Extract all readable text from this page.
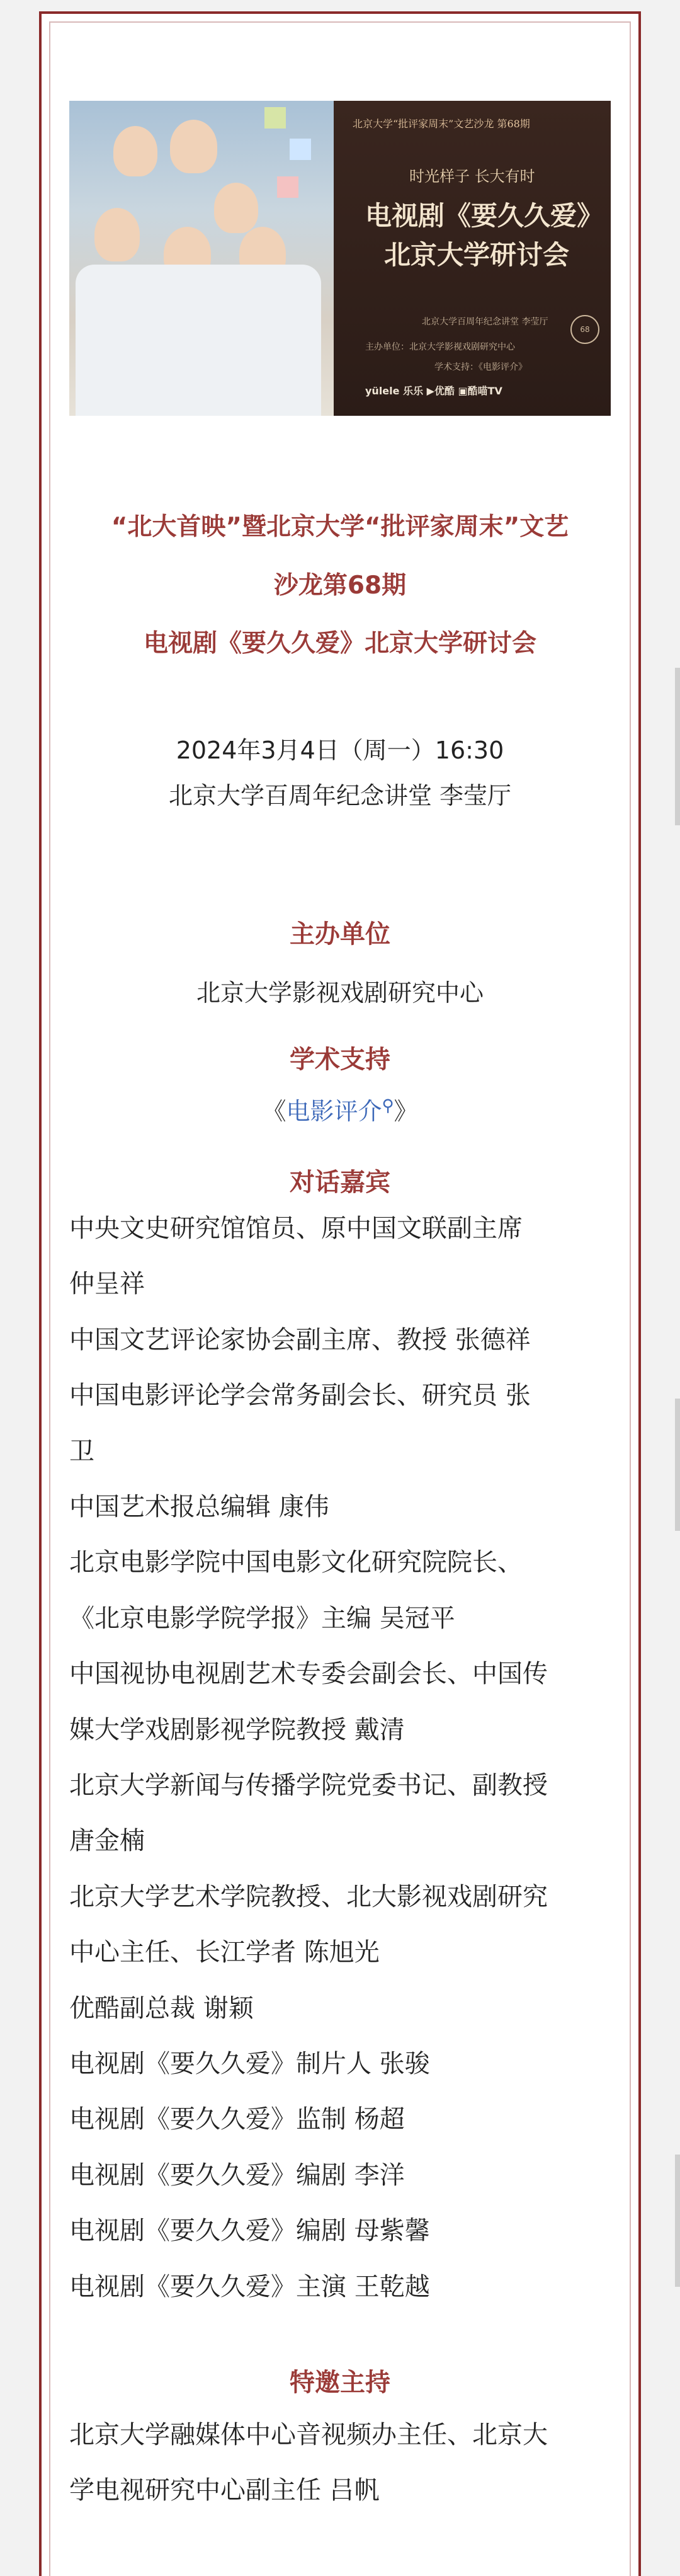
北京大学“批评家周末”文艺沙龙 第68期
时光样子 长大有时
电视剧《要久久爱》
北京大学研讨会
北京大学百周年纪念讲堂 李莹厅
主办单位：北京大学影视戏剧研究中心
学术支持：《电影评介》
yülele 乐乐 ▶优酷 ▣酷喵TV
68
“北大首映”暨北京大学“批评家周末”文艺
沙龙第68期
电视剧《要久久爱》北京大学研讨会
2024年3月4日（周一）16:30
北京大学百周年纪念讲堂 李莹厅
主办单位
北京大学影视戏剧研究中心
学术支持
《电影评介⚲》
对话嘉宾
中央文史研究馆馆员、原中国文联副主席
仲呈祥
中国文艺评论家协会副主席、教授 张德祥
中国电影评论学会常务副会长、研究员 张
卫
中国艺术报总编辑 康伟
北京电影学院中国电影文化研究院院长、
《北京电影学院学报》主编 吴冠平
中国视协电视剧艺术专委会副会长、中国传
媒大学戏剧影视学院教授 戴清
北京大学新闻与传播学院党委书记、副教授
唐金楠
北京大学艺术学院教授、北大影视戏剧研究
中心主任、长江学者 陈旭光
优酷副总裁 谢颖
电视剧《要久久爱》制片人 张骏
电视剧《要久久爱》监制 杨超
电视剧《要久久爱》编剧 李洋
电视剧《要久久爱》编剧 母紫馨
电视剧《要久久爱》主演 王乾越
特邀主持
北京大学融媒体中心音视频办主任、北京大
学电视研究中心副主任 吕帆
